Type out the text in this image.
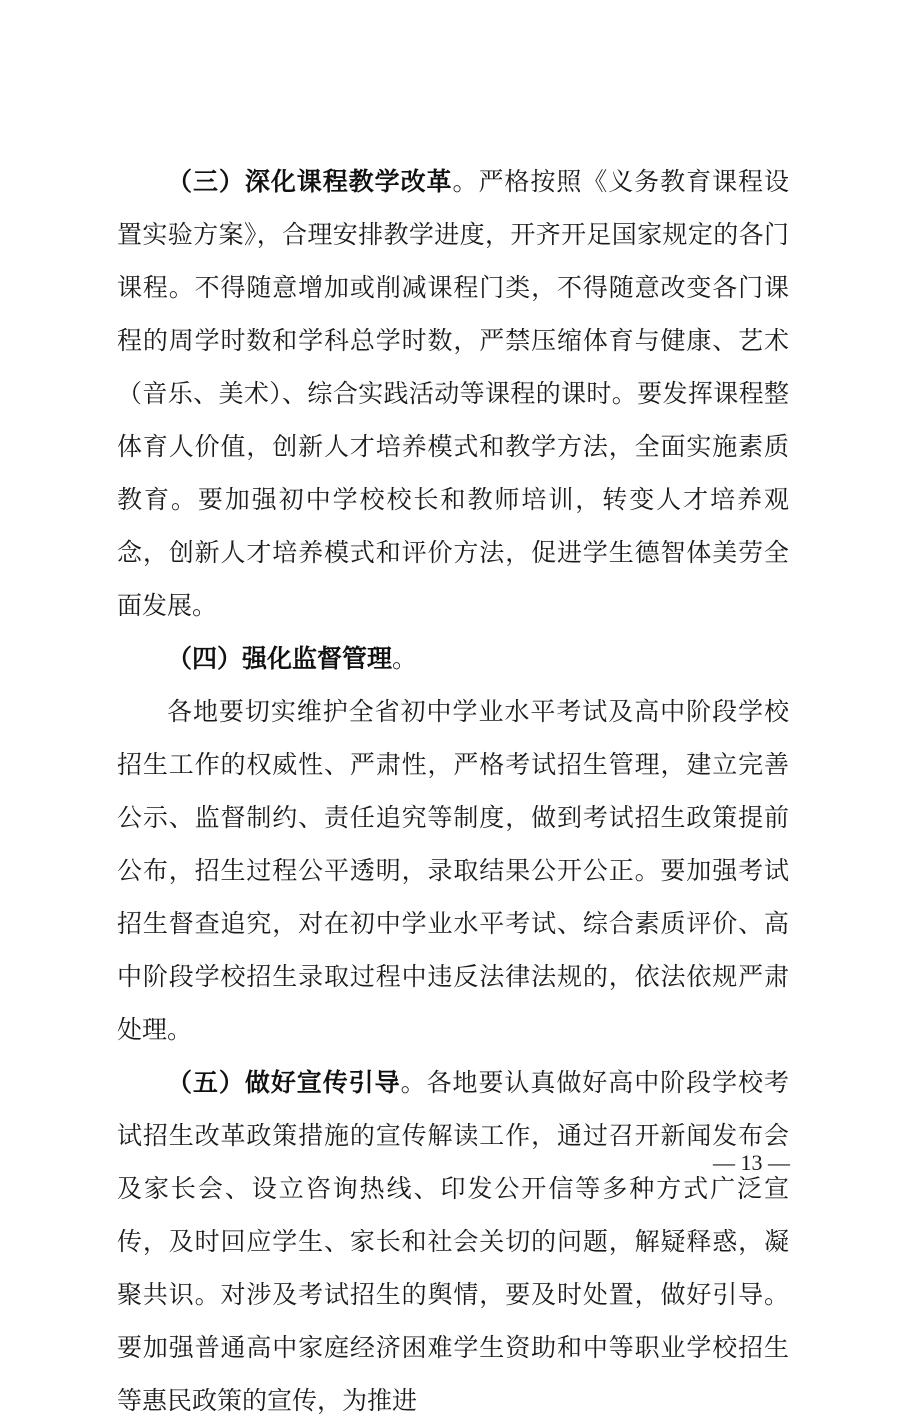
（三）深化课程教学改革。严格按照《义务教育课程设置实验方案》，合理安排教学进度，开齐开足国家规定的各门课程。不得随意增加或削减课程门类，不得随意改变各门课程的周学时数和学科总学时数，严禁压缩体育与健康、艺术（音乐、美术）、综合实践活动等课程的课时。要发挥课程整体育人价值，创新人才培养模式和教学方法，全面实施素质教育。要加强初中学校校长和教师培训，转变人才培养观念，创新人才培养模式和评价方法，促进学生德智体美劳全面发展。

（四）强化监督管理。

各地要切实维护全省初中学业水平考试及高中阶段学校招生工作的权威性、严肃性，严格考试招生管理，建立完善公示、监督制约、责任追究等制度，做到考试招生政策提前公布，招生过程公平透明，录取结果公开公正。要加强考试招生督查追究，对在初中学业水平考试、综合素质评价、高中阶段学校招生录取过程中违反法律法规的，依法依规严肃处理。

（五）做好宣传引导。各地要认真做好高中阶段学校考试招生改革政策措施的宣传解读工作，通过召开新闻发布会及家长会、设立咨询热线、印发公开信等多种方式广泛宣传，及时回应学生、家长和社会关切的问题，解疑释惑，凝聚共识。对涉及考试招生的舆情，要及时处置，做好引导。要加强普通高中家庭经济困难学生资助和中等职业学校招生等惠民政策的宣传，为推进

— 13 —
